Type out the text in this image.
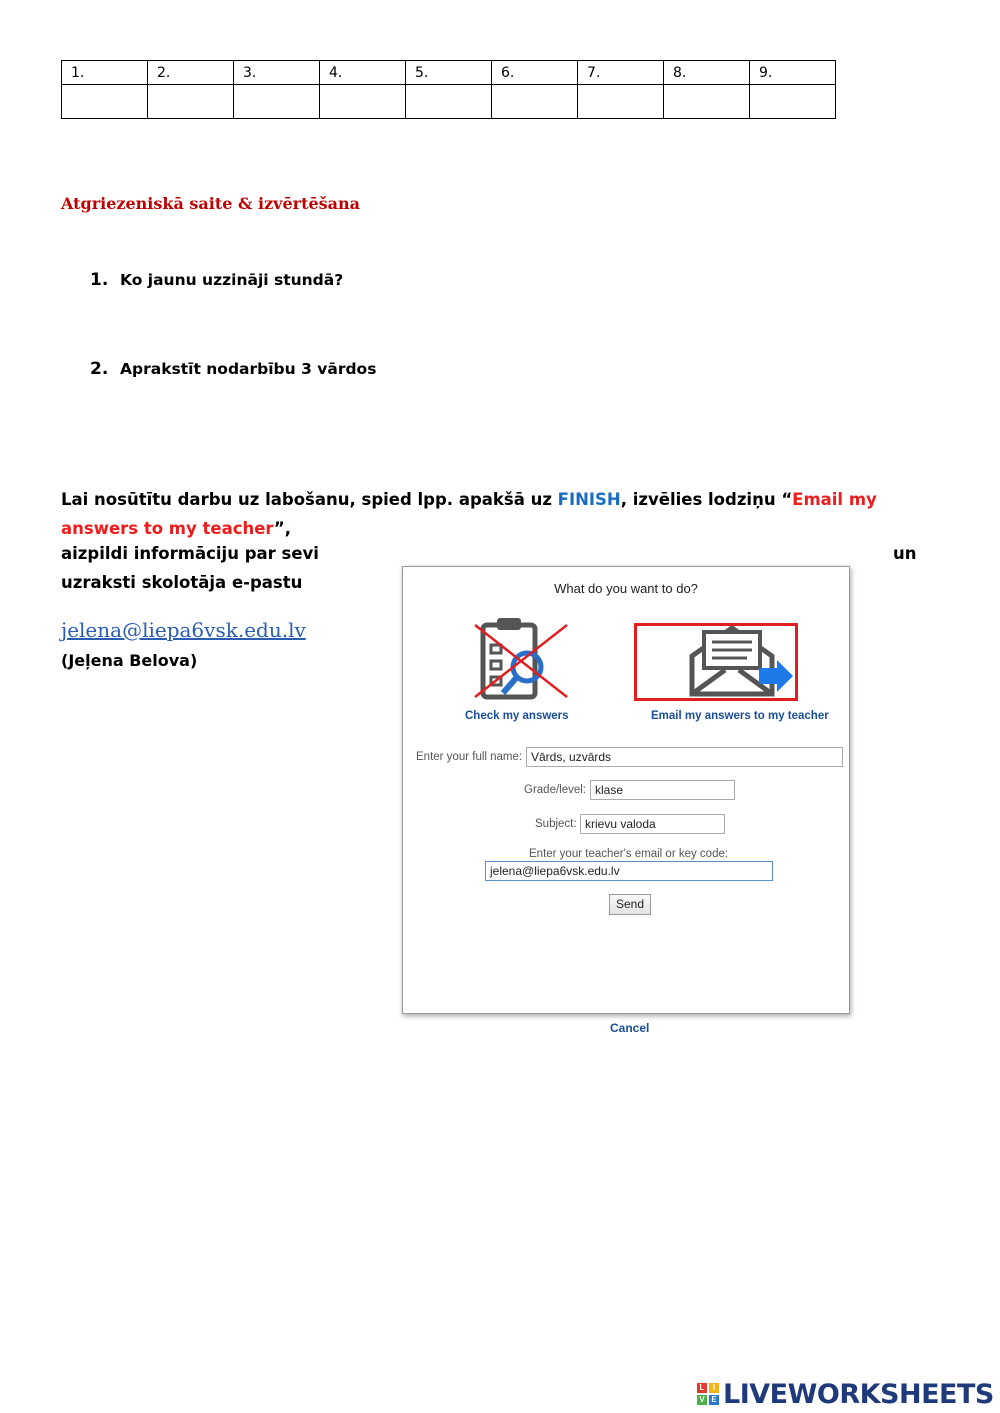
1.	2.	3.	4.	5.	6.	7.	8.	9.

Atgriezeniskā saite & izvērtēšana
1. Ko jaunu uzzināji stundā?
2. Aprakstīt nodarbību 3 vārdos
Lai nosūtītu darbu uz labošanu, spied lpp. apakšā uz FINISH, izvēlies lodziņu “Email my answers to my teacher”,
aizpildi informāciju par sevi	un
uzraksti skolotāja e-pastu
jelena@liepa6vsk.edu.lv
(Jeļena Belova)
What do you want to do?
Check my answers	Email my answers to my teacher
Enter your full name: Vārds, uzvārds
Grade/level: klase
Subject: krievu valoda
Enter your teacher's email or key code:
jelena@liepa6vsk.edu.lv
Send
Cancel
L	I
V E LIVEWORKSHEETS
